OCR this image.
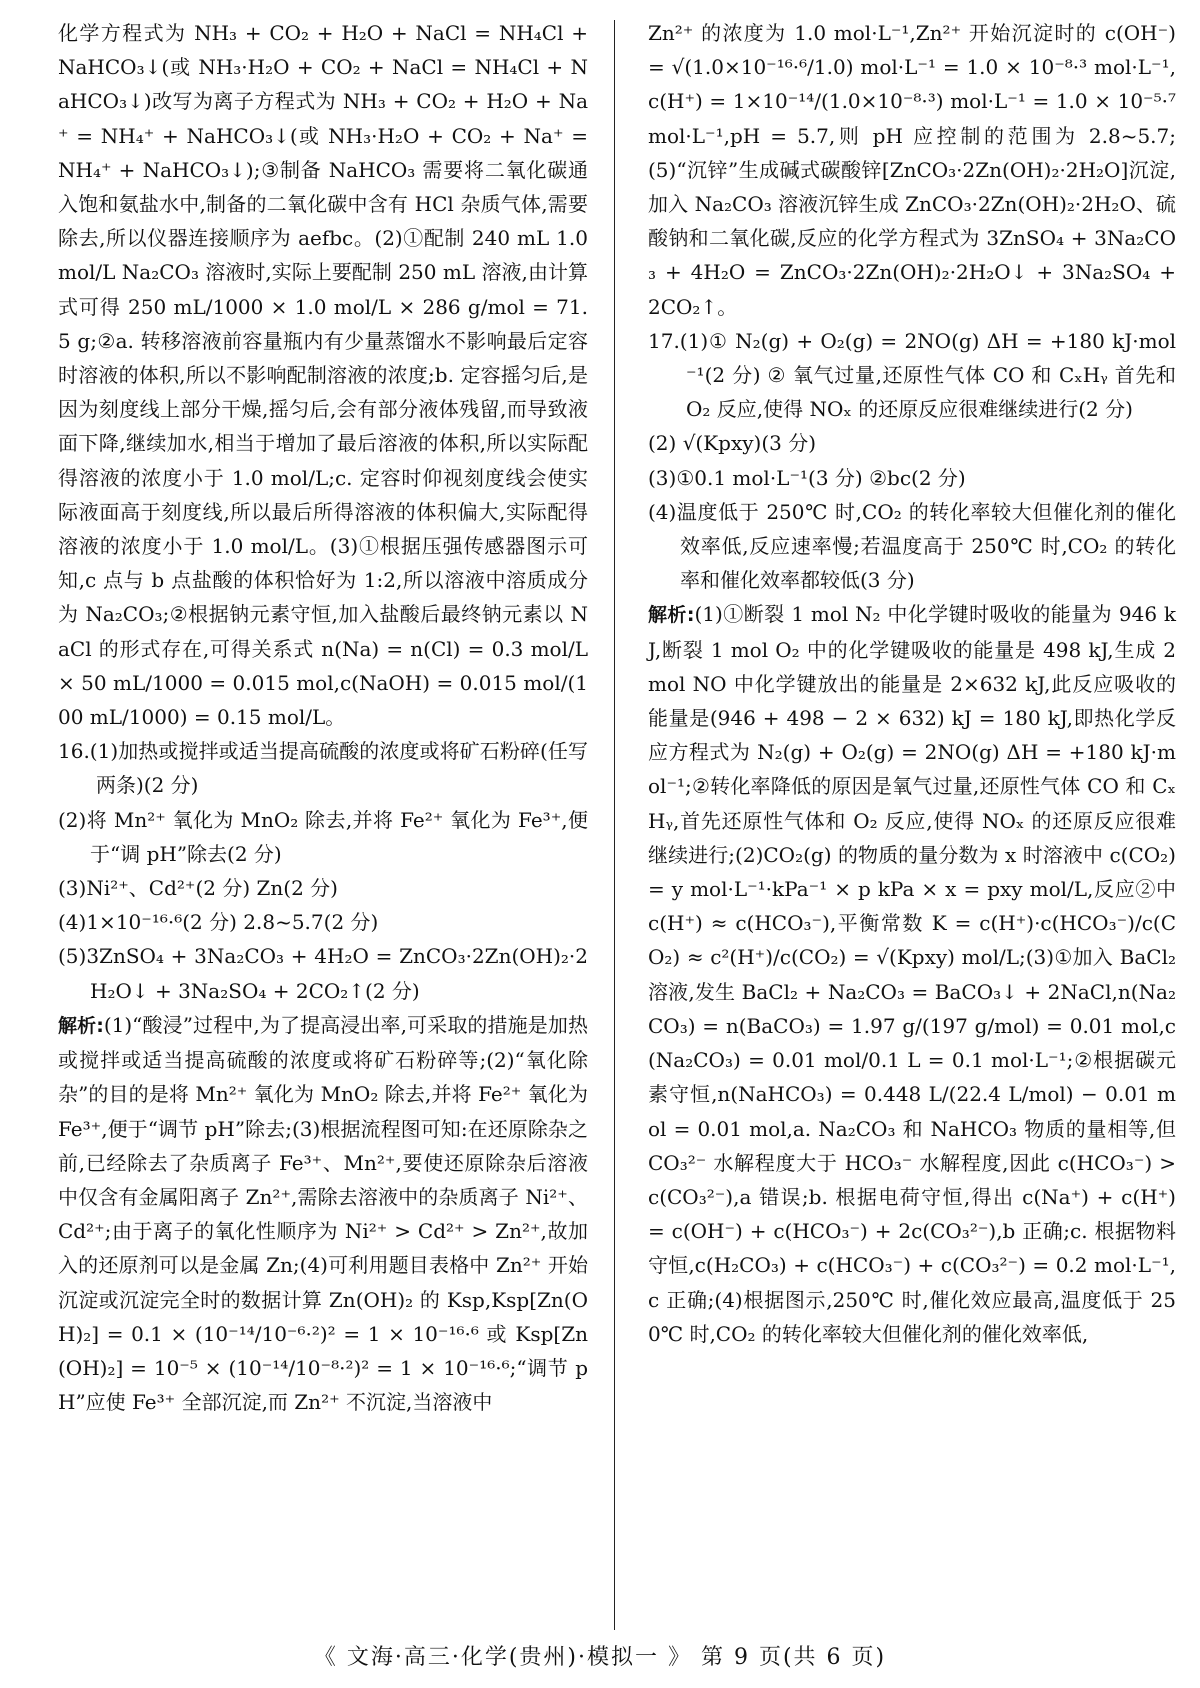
化学方程式为 NH₃ + CO₂ + H₂O + NaCl = NH₄Cl + NaHCO₃↓(或 NH₃·H₂O + CO₂ + NaCl = NH₄Cl + NaHCO₃↓)改写为离子方程式为 NH₃ + CO₂ + H₂O + Na⁺ = NH₄⁺ + NaHCO₃↓(或 NH₃·H₂O + CO₂ + Na⁺ = NH₄⁺ + NaHCO₃↓);③制备 NaHCO₃ 需要将二氧化碳通入饱和氨盐水中,制备的二氧化碳中含有 HCl 杂质气体,需要除去,所以仪器连接顺序为 aefbc。(2)①配制 240 mL 1.0 mol/L Na₂CO₃ 溶液时,实际上要配制 250 mL 溶液,由计算式可得 250 mL/1000 × 1.0 mol/L × 286 g/mol = 71.5 g;②a. 转移溶液前容量瓶内有少量蒸馏水不影响最后定容时溶液的体积,所以不影响配制溶液的浓度;b. 定容摇匀后,是因为刻度线上部分干燥,摇匀后,会有部分液体残留,而导致液面下降,继续加水,相当于增加了最后溶液的体积,所以实际配得溶液的浓度小于 1.0 mol/L;c. 定容时仰视刻度线会使实际液面高于刻度线,所以最后所得溶液的体积偏大,实际配得溶液的浓度小于 1.0 mol/L。(3)①根据压强传感器图示可知,c 点与 b 点盐酸的体积恰好为 1:2,所以溶液中溶质成分为 Na₂CO₃;②根据钠元素守恒,加入盐酸后最终钠元素以 NaCl 的形式存在,可得关系式 n(Na) = n(Cl) = 0.3 mol/L × 50 mL/1000 = 0.015 mol,c(NaOH) = 0.015 mol/(100 mL/1000) = 0.15 mol/L。

16.(1)加热或搅拌或适当提高硫酸的浓度或将矿石粉碎(任写两条)(2 分)

(2)将 Mn²⁺ 氧化为 MnO₂ 除去,并将 Fe²⁺ 氧化为 Fe³⁺,便于“调 pH”除去(2 分)

(3)Ni²⁺、Cd²⁺(2 分) Zn(2 分)

(4)1×10⁻¹⁶·⁶(2 分) 2.8~5.7(2 分)

(5)3ZnSO₄ + 3Na₂CO₃ + 4H₂O = ZnCO₃·2Zn(OH)₂·2H₂O↓ + 3Na₂SO₄ + 2CO₂↑(2 分)

解析:(1)“酸浸”过程中,为了提高浸出率,可采取的措施是加热或搅拌或适当提高硫酸的浓度或将矿石粉碎等;(2)“氧化除杂”的目的是将 Mn²⁺ 氧化为 MnO₂ 除去,并将 Fe²⁺ 氧化为 Fe³⁺,便于“调节 pH”除去;(3)根据流程图可知:在还原除杂之前,已经除去了杂质离子 Fe³⁺、Mn²⁺,要使还原除杂后溶液中仅含有金属阳离子 Zn²⁺,需除去溶液中的杂质离子 Ni²⁺、Cd²⁺;由于离子的氧化性顺序为 Ni²⁺ > Cd²⁺ > Zn²⁺,故加入的还原剂可以是金属 Zn;(4)可利用题目表格中 Zn²⁺ 开始沉淀或沉淀完全时的数据计算 Zn(OH)₂ 的 Ksp,Ksp[Zn(OH)₂] = 0.1 × (10⁻¹⁴/10⁻⁶·²)² = 1 × 10⁻¹⁶·⁶ 或 Ksp[Zn(OH)₂] = 10⁻⁵ × (10⁻¹⁴/10⁻⁸·²)² = 1 × 10⁻¹⁶·⁶;“调节 pH”应使 Fe³⁺ 全部沉淀,而 Zn²⁺ 不沉淀,当溶液中

Zn²⁺ 的浓度为 1.0 mol·L⁻¹,Zn²⁺ 开始沉淀时的 c(OH⁻) = √(1.0×10⁻¹⁶·⁶/1.0) mol·L⁻¹ = 1.0 × 10⁻⁸·³ mol·L⁻¹,c(H⁺) = 1×10⁻¹⁴/(1.0×10⁻⁸·³) mol·L⁻¹ = 1.0 × 10⁻⁵·⁷ mol·L⁻¹,pH = 5.7,则 pH 应控制的范围为 2.8~5.7;(5)“沉锌”生成碱式碳酸锌[ZnCO₃·2Zn(OH)₂·2H₂O]沉淀,加入 Na₂CO₃ 溶液沉锌生成 ZnCO₃·2Zn(OH)₂·2H₂O、硫酸钠和二氧化碳,反应的化学方程式为 3ZnSO₄ + 3Na₂CO₃ + 4H₂O = ZnCO₃·2Zn(OH)₂·2H₂O↓ + 3Na₂SO₄ + 2CO₂↑。

17.(1)① N₂(g) + O₂(g) = 2NO(g) ΔH = +180 kJ·mol⁻¹(2 分) ② 氧气过量,还原性气体 CO 和 CₓHᵧ 首先和 O₂ 反应,使得 NOₓ 的还原反应很难继续进行(2 分)

(2) √(Kpxy)(3 分)

(3)①0.1 mol·L⁻¹(3 分) ②bc(2 分)

(4)温度低于 250℃ 时,CO₂ 的转化率较大但催化剂的催化效率低,反应速率慢;若温度高于 250℃ 时,CO₂ 的转化率和催化效率都较低(3 分)

解析:(1)①断裂 1 mol N₂ 中化学键时吸收的能量为 946 kJ,断裂 1 mol O₂ 中的化学键吸收的能量是 498 kJ,生成 2 mol NO 中化学键放出的能量是 2×632 kJ,此反应吸收的能量是(946 + 498 − 2 × 632) kJ = 180 kJ,即热化学反应方程式为 N₂(g) + O₂(g) = 2NO(g) ΔH = +180 kJ·mol⁻¹;②转化率降低的原因是氧气过量,还原性气体 CO 和 CₓHᵧ,首先还原性气体和 O₂ 反应,使得 NOₓ 的还原反应很难继续进行;(2)CO₂(g) 的物质的量分数为 x 时溶液中 c(CO₂) = y mol·L⁻¹·kPa⁻¹ × p kPa × x = pxy mol/L,反应②中 c(H⁺) ≈ c(HCO₃⁻),平衡常数 K = c(H⁺)·c(HCO₃⁻)/c(CO₂) ≈ c²(H⁺)/c(CO₂) = √(Kpxy) mol/L;(3)①加入 BaCl₂ 溶液,发生 BaCl₂ + Na₂CO₃ = BaCO₃↓ + 2NaCl,n(Na₂CO₃) = n(BaCO₃) = 1.97 g/(197 g/mol) = 0.01 mol,c(Na₂CO₃) = 0.01 mol/0.1 L = 0.1 mol·L⁻¹;②根据碳元素守恒,n(NaHCO₃) = 0.448 L/(22.4 L/mol) − 0.01 mol = 0.01 mol,a. Na₂CO₃ 和 NaHCO₃ 物质的量相等,但 CO₃²⁻ 水解程度大于 HCO₃⁻ 水解程度,因此 c(HCO₃⁻) > c(CO₃²⁻),a 错误;b. 根据电荷守恒,得出 c(Na⁺) + c(H⁺) = c(OH⁻) + c(HCO₃⁻) + 2c(CO₃²⁻),b 正确;c. 根据物料守恒,c(H₂CO₃) + c(HCO₃⁻) + c(CO₃²⁻) = 0.2 mol·L⁻¹,c 正确;(4)根据图示,250℃ 时,催化效应最高,温度低于 250℃ 时,CO₂ 的转化率较大但催化剂的催化效率低,

《 文海·高三·化学(贵州)·模拟一 》 第 9 页(共 6 页)
